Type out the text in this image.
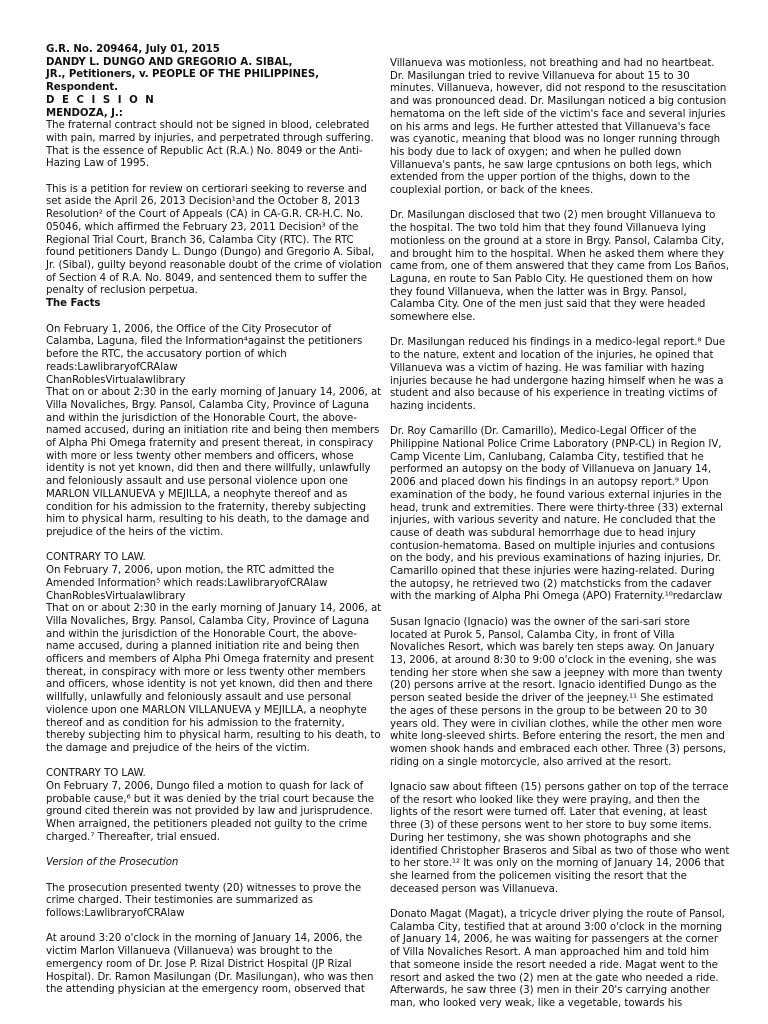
G.R. No. 209464, July 01, 2015
DANDY L. DUNGO AND GREGORIO A. SIBAL,
JR., Petitioners, v. PEOPLE OF THE PHILIPPINES, Respondent.
D E C I S I O N
MENDOZA, J.:

The fraternal contract should not be signed in blood, celebrated with pain, marred by injuries, and perpetrated through suffering. That is the essence of Republic Act (R.A.) No. 8049 or the Anti-Hazing Law of 1995.

This is a petition for review on certiorari seeking to reverse and set aside the April 26, 2013 Decision¹and the October 8, 2013 Resolution² of the Court of Appeals (CA) in CA-G.R. CR-H.C. No. 05046, which affirmed the February 23, 2011 Decision³ of the Regional Trial Court, Branch 36, Calamba City (RTC). The RTC found petitioners Dandy L. Dungo (Dungo) and Gregorio A. Sibal, Jr. (Sibal), guilty beyond reasonable doubt of the crime of violation of Section 4 of R.A. No. 8049, and sentenced them to suffer the penalty of reclusion perpetua.

The Facts

On February 1, 2006, the Office of the City Prosecutor of Calamba, Laguna, filed the Information⁴against the petitioners before the RTC, the accusatory portion of which reads:LawlibraryofCRAlaw
ChanRoblesVirtualawlibrary

That on or about 2:30 in the early morning of January 14, 2006, at Villa Novaliches, Brgy. Pansol, Calamba City, Province of Laguna and within the jurisdiction of the Honorable Court, the above-named accused, during an initiation rite and being then members of Alpha Phi Omega fraternity and present thereat, in conspiracy with more or less twenty other members and officers, whose identity is not yet known, did then and there willfully, unlawfully and feloniously assault and use personal violence upon one MARLON VILLANUEVA y MEJILLA, a neophyte thereof and as condition for his admission to the fraternity, thereby subjecting him to physical harm, resulting to his death, to the damage and prejudice of the heirs of the victim.

CONTRARY TO LAW.

On February 7, 2006, upon motion, the RTC admitted the Amended Information⁵ which reads:LawlibraryofCRAlaw
ChanRoblesVirtualawlibrary

That on or about 2:30 in the early morning of January 14, 2006, at Villa Novaliches, Brgy. Pansol, Calamba City, Province of Laguna and within the jurisdiction of the Honorable Court, the above-name accused, during a planned initiation rite and being then officers and members of Alpha Phi Omega fraternity and present thereat, in conspiracy with more or less twenty other members and officers, whose identity is not yet known, did then and there willfully, unlawfully and feloniously assault and use personal violence upon one MARLON VILLANUEVA y MEJILLA, a neophyte thereof and as condition for his admission to the fraternity, thereby subjecting him to physical harm, resulting to his death, to the damage and prejudice of the heirs of the victim.

CONTRARY TO LAW.

On February 7, 2006, Dungo filed a motion to quash for lack of probable cause,⁶ but it was denied by the trial court because the ground cited therein was not provided by law and jurisprudence. When arraigned, the petitioners pleaded not guilty to the crime charged.⁷ Thereafter, trial ensued.

Version of the Prosecution

The prosecution presented twenty (20) witnesses to prove the crime charged. Their testimonies are summarized as follows:LawlibraryofCRAlaw

At around 3:20 o'clock in the morning of January 14, 2006, the victim Marlon Villanueva (Villanueva) was brought to the emergency room of Dr. Jose P. Rizal District Hospital (JP Rizal Hospital). Dr. Ramon Masilungan (Dr. Masilungan), who was then the attending physician at the emergency room, observed that

Villanueva was motionless, not breathing and had no heartbeat. Dr. Masilungan tried to revive Villanueva for about 15 to 30 minutes. Villanueva, however, did not respond to the resuscitation and was pronounced dead. Dr. Masilungan noticed a big contusion hematoma on the left side of the victim's face and several injuries on his arms and legs. He further attested that Villanueva's face was cyanotic, meaning that blood was no longer running through his body due to lack of oxygen; and when he pulled down Villanueva's pants, he saw large cpntusions on both legs, which extended from the upper portion of the thighs, down to the couplexial portion, or back of the knees.

Dr. Masilungan disclosed that two (2) men brought Villanueva to the hospital. The two told him that they found Villanueva lying motionless on the ground at a store in Brgy. Pansol, Calamba City, and brought him to the hospital. When he asked them where they came from, one of them answered that they came from Los Baños, Laguna, en route to San Pablo City. He questioned them on how they found Villanueva, when the latter was in Brgy. Pansol, Calamba City. One of the men just said that they were headed somewhere else.

Dr. Masilungan reduced his findings in a medico-legal report.⁸ Due to the nature, extent and location of the injuries, he opined that Villanueva was a victim of hazing. He was familiar with hazing injuries because he had undergone hazing himself when he was a student and also because of his experience in treating victims of hazing incidents.

Dr. Roy Camarillo (Dr. Camarillo), Medico-Legal Officer of the Philippine National Police Crime Laboratory (PNP-CL) in Region IV, Camp Vicente Lim, Canlubang, Calamba City, testified that he performed an autopsy on the body of Villanueva on January 14, 2006 and placed down his findings in an autopsy report.⁹ Upon examination of the body, he found various external injuries in the head, trunk and extremities. There were thirty-three (33) external injuries, with various severity and nature. He concluded that the cause of death was subdural hemorrhage due to head injury contusion-hematoma. Based on multiple injuries and contusions on the body, and his previous examinations of hazing injuries, Dr. Camarillo opined that these injuries were hazing-related. During the autopsy, he retrieved two (2) matchsticks from the cadaver with the marking of Alpha Phi Omega (APO) Fraternity.¹⁰redarclaw

Susan Ignacio (Ignacio) was the owner of the sari-sari store located at Purok 5, Pansol, Calamba City, in front of Villa Novaliches Resort, which was barely ten steps away. On January 13, 2006, at around 8:30 to 9:00 o'clock in the evening, she was tending her store when she saw a jeepney with more than twenty (20) persons arrive at the resort. Ignacio identified Dungo as the person seated beside the driver of the jeepney.¹¹ She estimated the ages of these persons in the group to be between 20 to 30 years old. They were in civilian clothes, while the other men wore white long-sleeved shirts. Before entering the resort, the men and women shook hands and embraced each other. Three (3) persons, riding on a single motorcycle, also arrived at the resort.

Ignacio saw about fifteen (15) persons gather on top of the terrace of the resort who looked like they were praying, and then the lights of the resort were turned off. Later that evening, at least three (3) of these persons went to her store to buy some items. During her testimony, she was shown photographs and she identified Christopher Braseros and Sibal as two of those who went to her store.¹² It was only on the morning of January 14, 2006 that she learned from the policemen visiting the resort that the deceased person was Villanueva.

Donato Magat (Magat), a tricycle driver plying the route of Pansol, Calamba City, testified that at around 3:00 o'clock in the morning of January 14, 2006, he was waiting for passengers at the corner of Villa Novaliches Resort. A man approached him and told him that someone inside the resort needed a ride. Magat went to the resort and asked the two (2) men at the gate who needed a ride. Afterwards, he saw three (3) men in their 20's carrying another man, who looked very weak, like a vegetable, towards his
